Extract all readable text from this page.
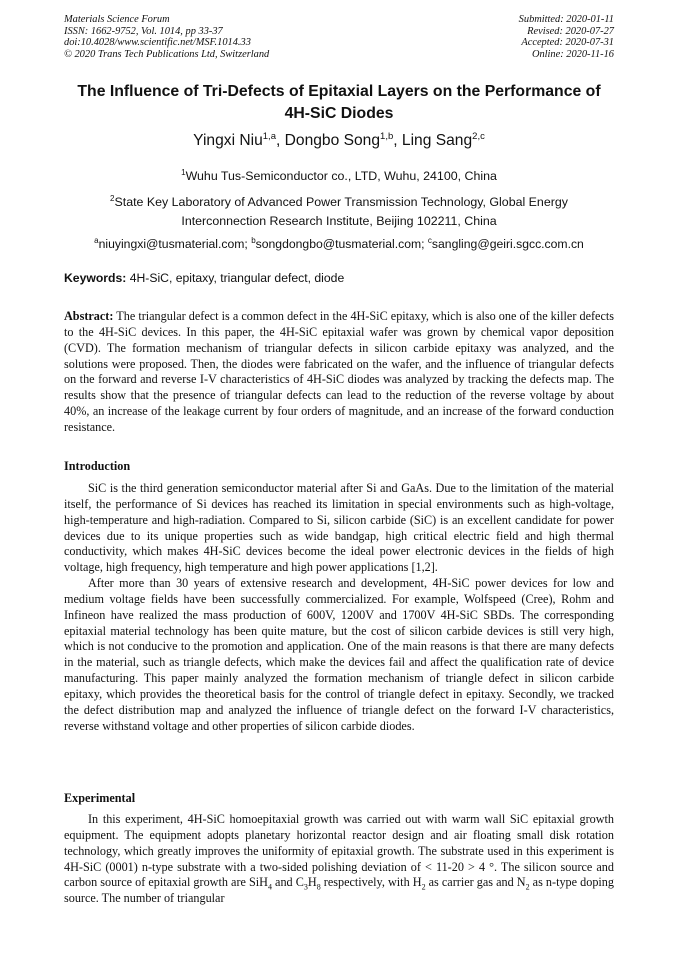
Materials Science Forum
ISSN: 1662-9752, Vol. 1014, pp 33-37
doi:10.4028/www.scientific.net/MSF.1014.33
© 2020 Trans Tech Publications Ltd, Switzerland
Submitted: 2020-01-11
Revised: 2020-07-27
Accepted: 2020-07-31
Online: 2020-11-16
The Influence of Tri-Defects of Epitaxial Layers on the Performance of
4H-SiC Diodes
Yingxi Niu$^{1,a}$, Dongbo Song$^{1,b}$, Ling Sang$^{2,c}$
$^1$Wuhu Tus-Semiconductor co., LTD, Wuhu, 24100, China
$^2$State Key Laboratory of Advanced Power Transmission Technology, Global Energy
Interconnection Research Institute, Beijing 102211, China
$^a$niuyingxi@tusmaterial.com; $^b$songdongbo@tusmaterial.com; $^c$sangling@geiri.sgcc.com.cn
Keywords: 4H-SiC, epitaxy, triangular defect, diode
Abstract: The triangular defect is a common defect in the 4H-SiC epitaxy, which is also one of the killer defects to the 4H-SiC devices. In this paper, the 4H-SiC epitaxial wafer was grown by chemical vapor deposition (CVD). The formation mechanism of triangular defects in silicon carbide epitaxy was analyzed, and the solutions were proposed. Then, the diodes were fabricated on the wafer, and the influence of triangular defects on the forward and reverse I-V characteristics of 4H-SiC diodes was analyzed by tracking the defects map. The results show that the presence of triangular defects can lead to the reduction of the reverse voltage by about 40%, an increase of the leakage current by four orders of magnitude, and an increase of the forward conduction resistance.
Introduction

SiC is the third generation semiconductor material after Si and GaAs. Due to the limitation of the material itself, the performance of Si devices has reached its limitation in special environments such as high-voltage, high-temperature and high-radiation. Compared to Si, silicon carbide (SiC) is an excellent candidate for power devices due to its unique properties such as wide bandgap, high critical electric field and high thermal conductivity, which makes 4H-SiC devices become the ideal power electronic devices in the fields of high voltage, high frequency, high temperature and high power applications [1,2].

After more than 30 years of extensive research and development, 4H-SiC power devices for low and medium voltage fields have been successfully commercialized. For example, Wolfspeed (Cree), Rohm and Infineon have realized the mass production of 600V, 1200V and 1700V 4H-SiC SBDs. The corresponding epitaxial material technology has been quite mature, but the cost of silicon carbide devices is still very high, which is not conducive to the promotion and application. One of the main reasons is that there are many defects in the material, such as triangle defects, which make the devices fail and affect the qualification rate of device manufacturing. This paper mainly analyzed the formation mechanism of triangle defect in silicon carbide epitaxy, which provides the theoretical basis for the control of triangle defect in epitaxy. Secondly, we tracked the defect distribution map and analyzed the influence of triangle defect on the forward I-V characteristics, reverse withstand voltage and other properties of silicon carbide diodes.

Experimental

In this experiment, 4H-SiC homoepitaxial growth was carried out with warm wall SiC epitaxial growth equipment. The equipment adopts planetary horizontal reactor design and air floating small disk rotation technology, which greatly improves the uniformity of epitaxial growth. The substrate used in this experiment is 4H-SiC (0001) n-type substrate with a two-sided polishing deviation of < 11-20 > 4 °. The silicon source and carbon source of epitaxial growth are SiH$_4$ and $C_3H_8$ respectively, with $H_2$ as carrier gas and $N_2$ as n-type doping source. The number of triangular
